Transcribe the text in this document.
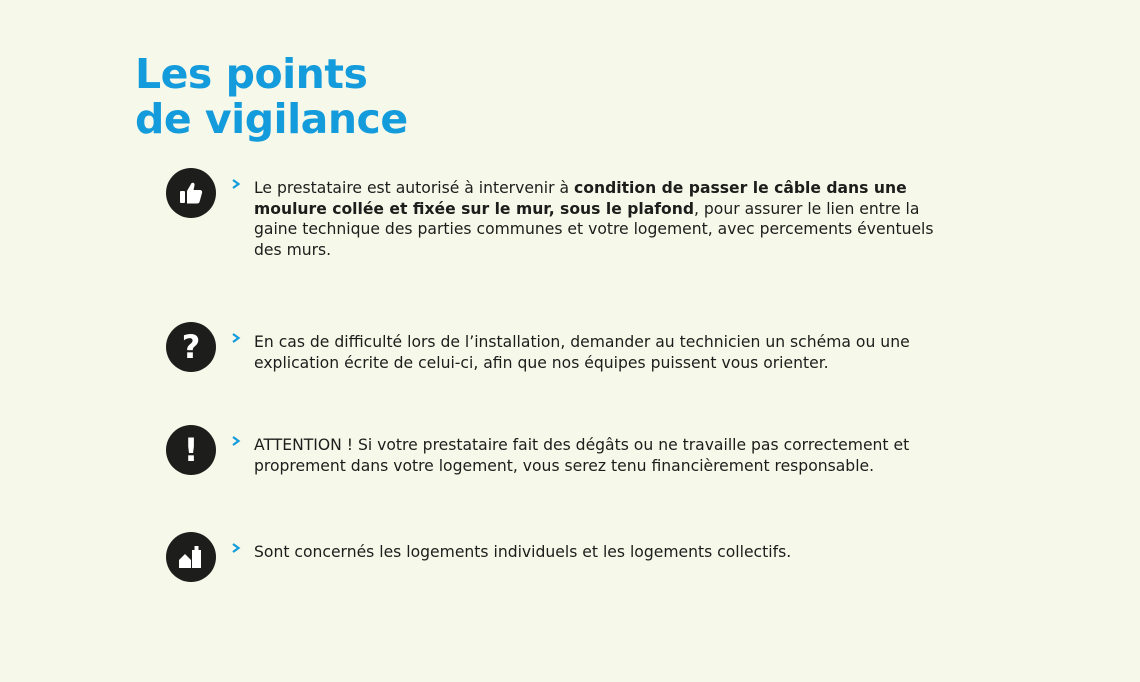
Les points
de vigilance

Le prestataire est autorisé à intervenir à condition de passer le câble dans une moulure collée et fixée sur le mur, sous le plafond, pour assurer le lien entre la gaine technique des parties communes et votre logement, avec percements éventuels des murs.

?	En cas de difficulté lors de l’installation, demander au technicien un schéma ou une explication écrite de celui-ci, afin que nos équipes puissent vous orienter.

!	ATTENTION ! Si votre prestataire fait des dégâts ou ne travaille pas correctement et proprement dans votre logement, vous serez tenu financièrement responsable.

Sont concernés les logements individuels et les logements collectifs.
